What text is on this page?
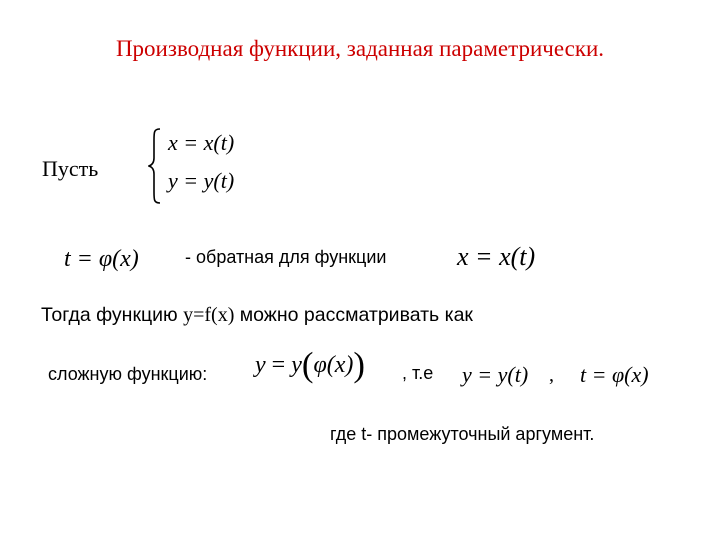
Производная функции, заданная параметрически.
Пусть
x = x(t)
y = y(t)
t = φ(x)	- обратная для функции	x = x(t)
Тогда функцию y=f(x) можно рассматривать как
сложную функцию: y = y(φ(x)) , т.е y = y(t) , t = φ(x)
где t- промежуточный аргумент.
